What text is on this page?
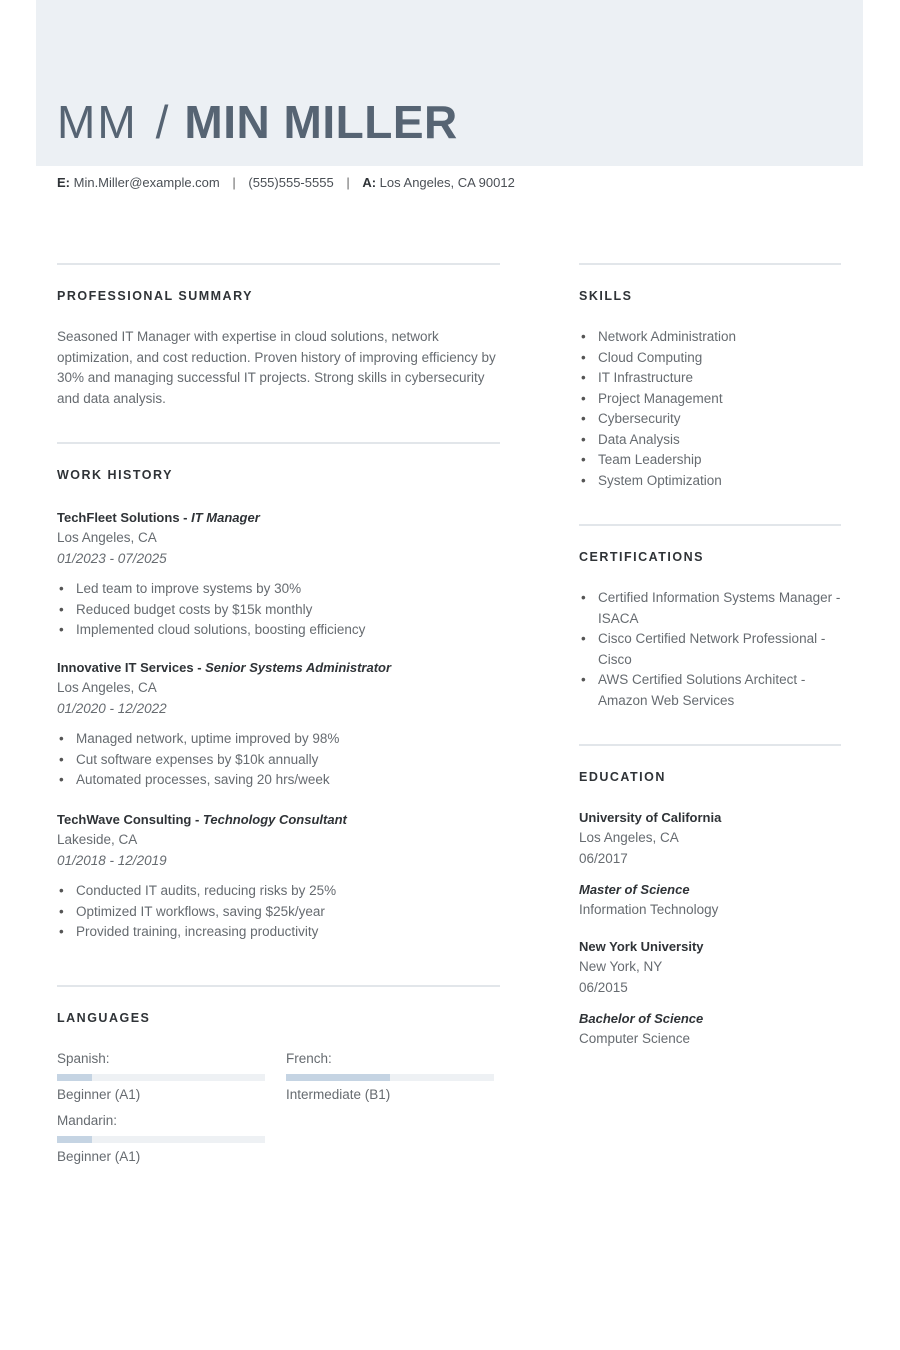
MM / MIN MILLER
E: Min.Miller@example.com | (555)555-5555 | A: Los Angeles, CA 90012
PROFESSIONAL SUMMARY

Seasoned IT Manager with expertise in cloud solutions, network optimization, and cost reduction. Proven history of improving efficiency by 30% and managing successful IT projects. Strong skills in cybersecurity and data analysis.

WORK HISTORY
TechFleet Solutions - IT Manager
Los Angeles, CA
01/2023 - 07/2025
• Led team to improve systems by 30%
• Reduced budget costs by $15k monthly
• Implemented cloud solutions, boosting efficiency
Innovative IT Services - Senior Systems Administrator
Los Angeles, CA
01/2020 - 12/2022
• Managed network, uptime improved by 98%
• Cut software expenses by $10k annually
• Automated processes, saving 20 hrs/week
TechWave Consulting - Technology Consultant
Lakeside, CA
01/2018 - 12/2019
• Conducted IT audits, reducing risks by 25%
• Optimized IT workflows, saving $25k/year
• Provided training, increasing productivity
LANGUAGES
Spanish:
Beginner (A1)
French:
Intermediate (B1)
Mandarin:
Beginner (A1)
SKILLS
• Network Administration
• Cloud Computing
• IT Infrastructure
• Project Management
• Cybersecurity
• Data Analysis
• Team Leadership
• System Optimization
CERTIFICATIONS
• Certified Information Systems Manager - ISACA
• Cisco Certified Network Professional - Cisco
• AWS Certified Solutions Architect - Amazon Web Services
EDUCATION
University of California
Los Angeles, CA
06/2017
Master of Science
Information Technology
New York University
New York, NY
06/2015
Bachelor of Science
Computer Science
